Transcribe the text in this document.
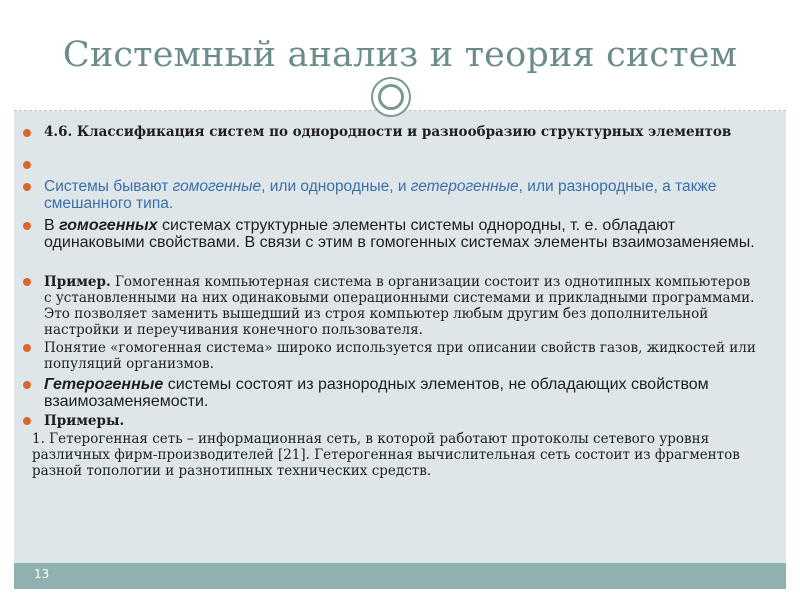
Системный анализ и теория систем
13
4.6. Классификация систем по однородности и разнообразию структурных элементов
Системы бывают гомогенные, или однородные, и гетерогенные, или разнородные, а также смешанного типа.
В гомогенных системах структурные элементы системы однородны, т. е. обладают одинаковыми свойствами. В связи с этим в гомогенных системах элементы взаимозаменяемы.
Пример. Гомогенная компьютерная система в организации состоит из однотипных компьютеров с установленными на них одинаковыми операционными системами и прикладными программами. Это позволяет заменить вышедший из строя компьютер любым другим без дополнительной настройки и переучивания конечного пользователя.
Понятие «гомогенная система» широко используется при описании свойств газов, жидкостей или популяций организмов.
Гетерогенные системы состоят из разнородных элементов, не обладающих свойством взаимозаменяемости.
Примеры.
1. Гетерогенная сеть – информационная сеть, в которой работают протоколы сетевого уровня различных фирм-производителей [21]. Гетерогенная вычислительная сеть состоит из фрагментов разной топологии и разнотипных технических средств.
